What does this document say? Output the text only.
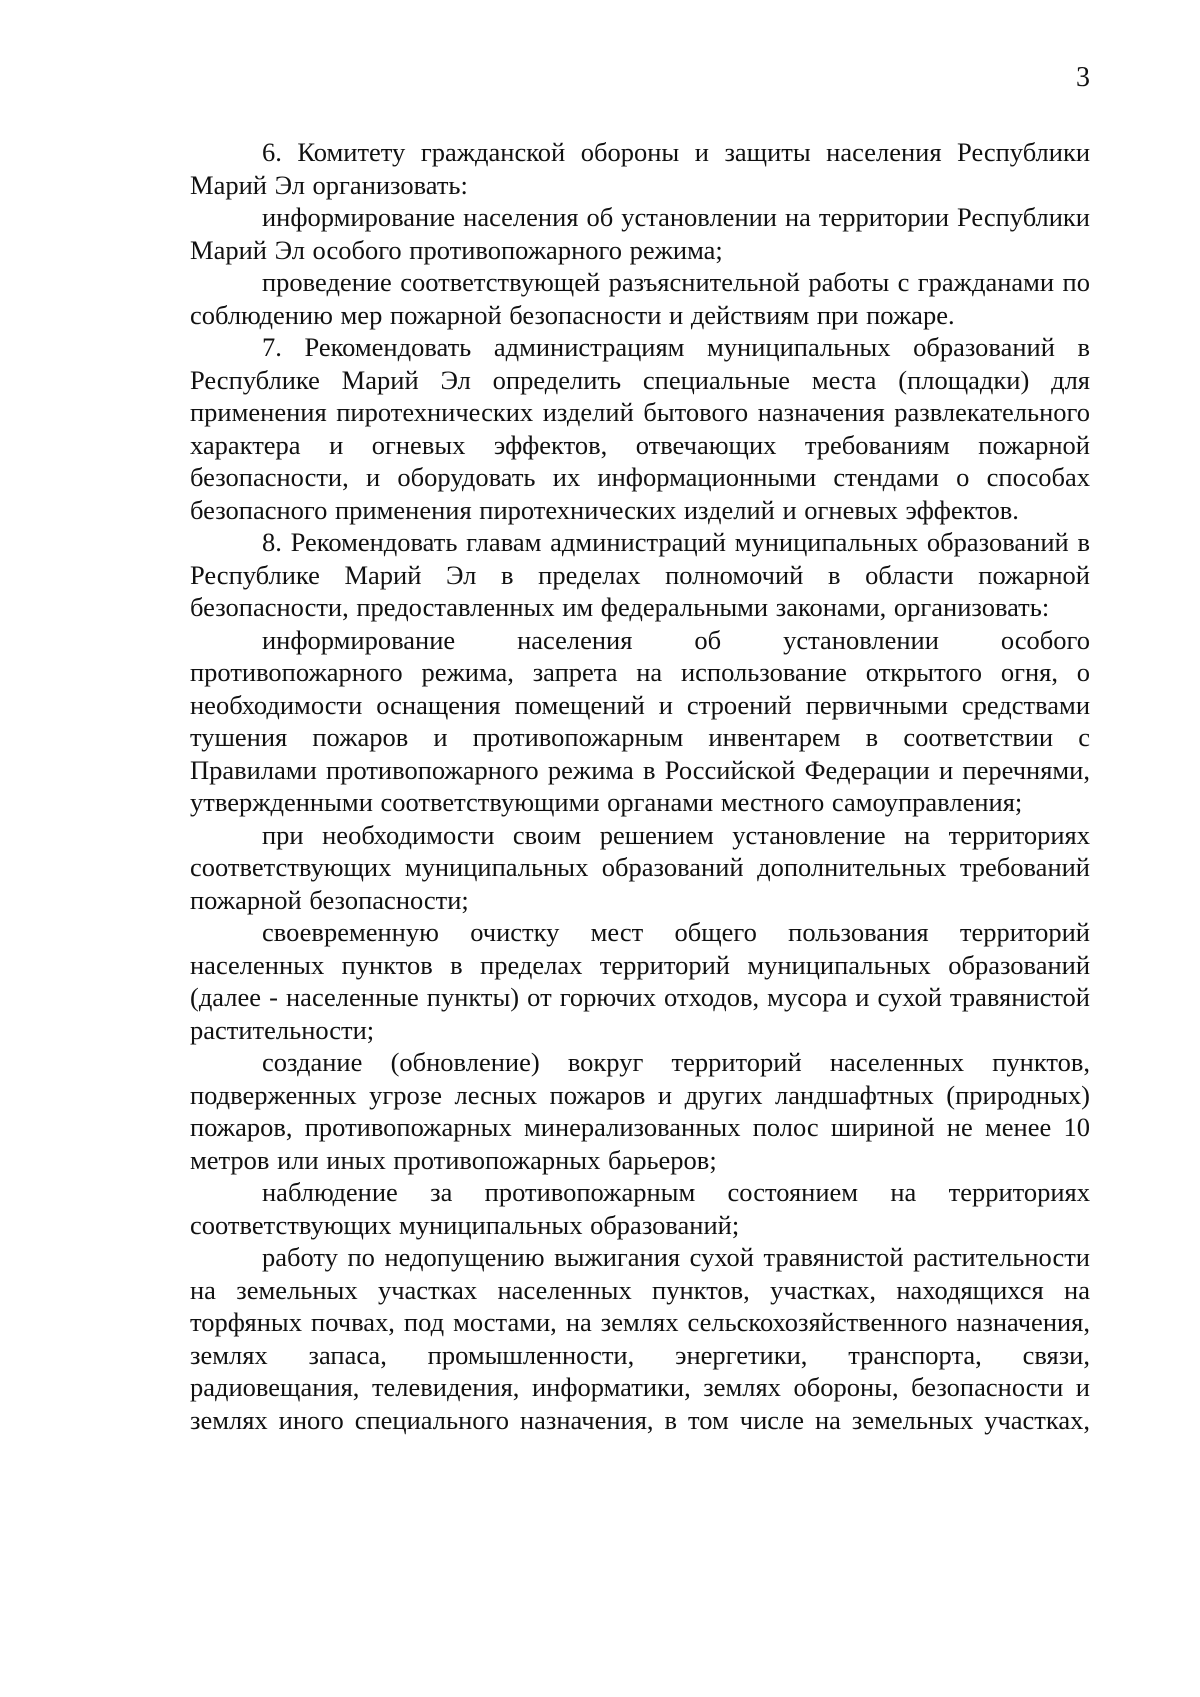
3

6. Комитету гражданской обороны и защиты населения Республики Марий Эл организовать:

информирование населения об установлении на территории Республики Марий Эл особого противопожарного режима;

проведение соответствующей разъяснительной работы с гражданами по соблюдению мер пожарной безопасности и действиям при пожаре.

7. Рекомендовать администрациям муниципальных образований в Республике Марий Эл определить специальные места (площадки) для применения пиротехнических изделий бытового назначения развлекательного характера и огневых эффектов, отвечающих требованиям пожарной безопасности, и оборудовать их информационными стендами о способах безопасного применения пиротехнических изделий и огневых эффектов.

8. Рекомендовать главам администраций муниципальных образований в Республике Марий Эл в пределах полномочий в области пожарной безопасности, предоставленных им федеральными законами, организовать:

информирование населения об установлении особого противопожарного режима, запрета на использование открытого огня, о необходимости оснащения помещений и строений первичными средствами тушения пожаров и противопожарным инвентарем в соответствии с Правилами противопожарного режима в Российской Федерации и перечнями, утвержденными соответствующими органами местного самоуправления;

при необходимости своим решением установление на территориях соответствующих муниципальных образований дополнительных требований пожарной безопасности;

своевременную очистку мест общего пользования территорий населенных пунктов в пределах территорий муниципальных образований (далее - населенные пункты) от горючих отходов, мусора и сухой травянистой растительности;

создание (обновление) вокруг территорий населенных пунктов, подверженных угрозе лесных пожаров и других ландшафтных (природных) пожаров, противопожарных минерализованных полос шириной не менее 10 метров или иных противопожарных барьеров;

наблюдение за противопожарным состоянием на территориях соответствующих муниципальных образований;

работу по недопущению выжигания сухой травянистой растительности на земельных участках населенных пунктов, участках, находящихся на торфяных почвах, под мостами, на землях сельскохозяйственного назначения, землях запаса, промышленности, энергетики, транспорта, связи, радиовещания, телевидения, информатики, землях обороны, безопасности и землях иного специального назначения, в том числе на земельных участках,
